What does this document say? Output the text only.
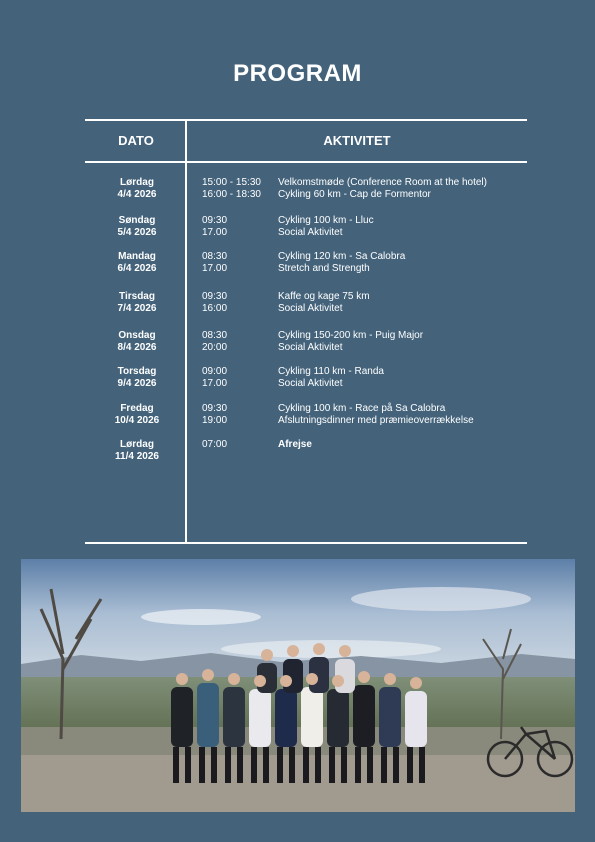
PROGRAM
DATO	AKTIVITET
Lørdag
4/4 2026
15:00 - 15:30
16:00 - 18:30
Velkomstmøde (Conference Room at the hotel)
Cykling 60 km - Cap de Formentor
Søndag
5/4 2026
09:30
17.00
Cykling 100 km - Lluc
Social Aktivitet
Mandag
6/4 2026
08:30
17.00
Cykling 120 km - Sa Calobra
Stretch and Strength
Tirsdag
7/4 2026
09:30
16:00
Kaffe og kage 75 km
Social Aktivitet
Onsdag
8/4 2026
08:30
20:00
Cykling 150-200 km - Puig Major
Social Aktivitet
Torsdag
9/4 2026
09:00
17.00
Cykling 110 km - Randa
Social Aktivitet
Fredag
10/4 2026
09:30
19:00
Cykling 100 km - Race på Sa Calobra
Afslutningsdinner med præmieoverrækkelse
Lørdag
11/4 2026
07:00	Afrejse
